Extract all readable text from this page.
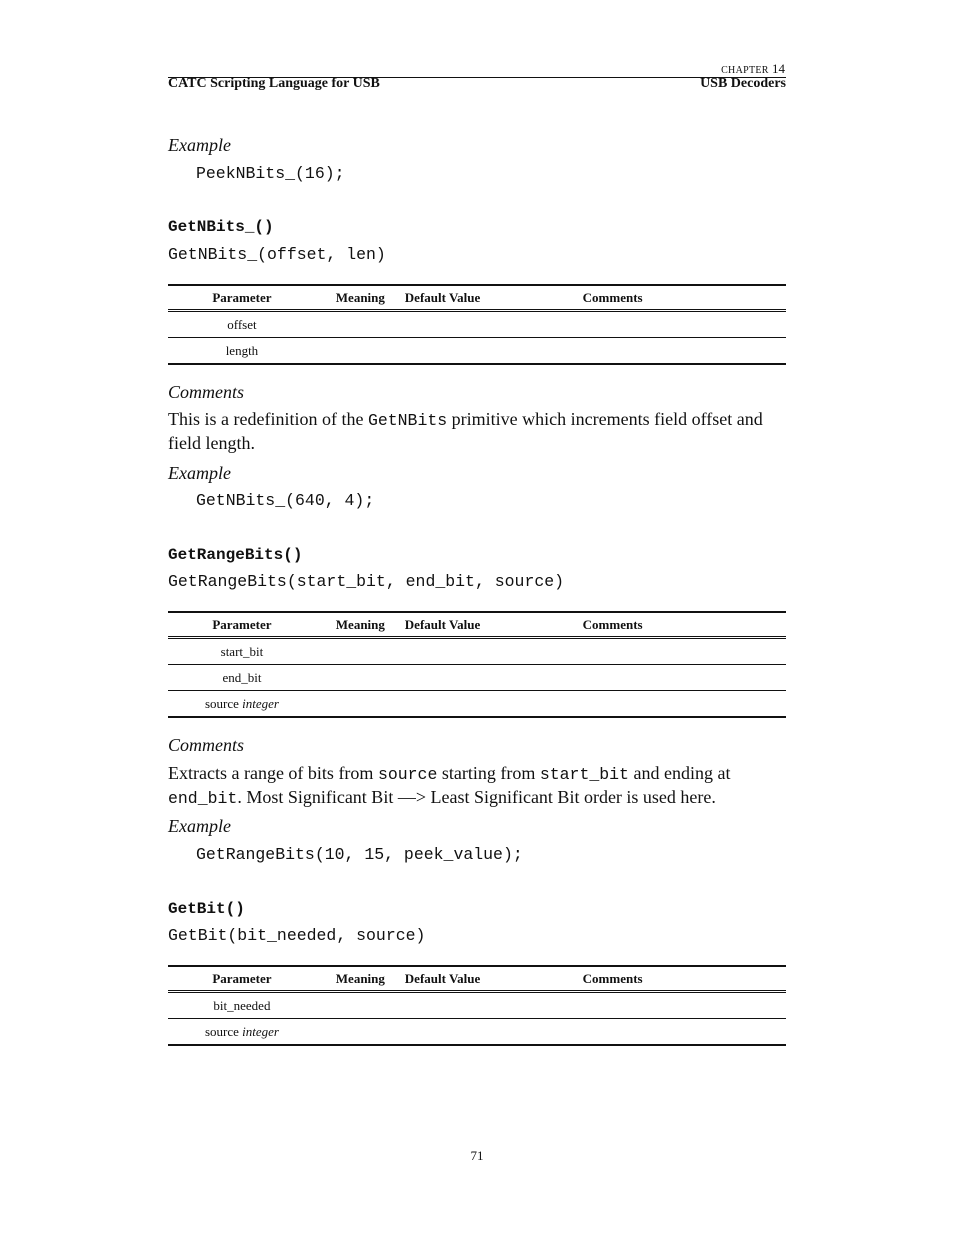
CHAPTER 14
CATC Scripting Language for USB	USB Decoders
Example
PeekNBits_(16);
GetNBits_()
GetNBits_(offset, len)
Parameter	Meaning	Default Value	Comments
offset			
length			
Comments
This is a redefinition of the GetNBits primitive which increments field offset and field length.
Example
GetNBits_(640, 4);
GetRangeBits()
GetRangeBits(start_bit, end_bit, source)
Parameter	Meaning	Default Value	Comments
start_bit			
end_bit			
source integer			
Comments
Extracts a range of bits from source starting from start_bit and ending at end_bit. Most Significant Bit —> Least Significant Bit order is used here.
Example
GetRangeBits(10, 15, peek_value);
GetBit()
GetBit(bit_needed, source)
Parameter	Meaning	Default Value	Comments
bit_needed			
source integer			
71
